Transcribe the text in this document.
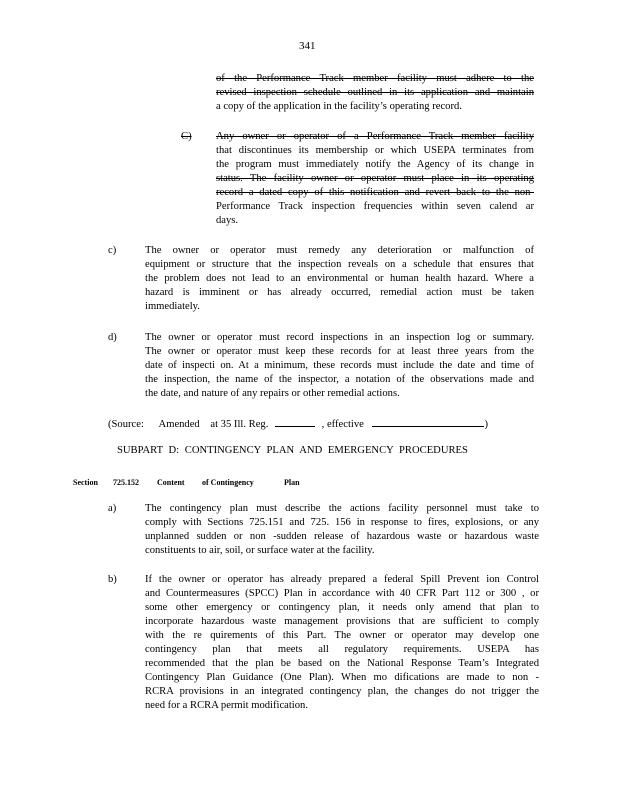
341
of the Performance Track member facility must adhere to the
revised inspection schedule outlined in its application and maintain
a copy of the application in the facility’s operating record.
C) Any owner or operator of a Performance Track member facility
that discontinues its membership or which USEPA terminates from
the program must immediately notify the Agency of its change in
status. The facility owner or operator must place in its operating
record a dated copy of this notification and revert back to the non-
Performance Track inspection frequencies within seven calend ar
days.
c)	The owner or operator must remedy any deterioration or malfunction of
equipment or structure that the inspection reveals on a schedule that ensures that
the problem does not lead to an environmental or human health hazard. Where a
hazard is imminent or has already occurred, remedial action must be taken
immediately.
d)	The owner or operator must record inspections in an inspection log or summary.
The owner or operator must keep these records for at least three years from the
date of inspecti on. At a minimum, these records must include the date and time of
the inspection, the name of the inspector, a notation of the observations made and
the date, and nature of any repairs or other remedial actions.
(Source: Amended at 35 Ill. Reg.	, effective	)
SUBPART D: CONTINGENCY PLAN AND EMERGENCY PROCEDURES
Section 725.152 Content of Contingency	Plan
a)	The contingency plan must describe the actions facility personnel must take to
comply with Sections 725.151 and 725. 156 in response to fires, explosions, or any
unplanned sudden or non -sudden release of hazardous waste or hazardous waste
constituents to air, soil, or surface water at the facility.
b)	If the owner or operator has already prepared a federal Spill Prevent ion Control
and Countermeasures (SPCC) Plan in accordance with 40 CFR Part 112 or 300 , or
some other emergency or contingency plan, it needs only amend that plan to
incorporate hazardous waste management provisions that are sufficient to comply
with the re quirements of this Part. The owner or operator may develop one
contingency plan that meets all regulatory requirements. USEPA has
recommended that the plan be based on the National Response Team’s Integrated
Contingency Plan Guidance (One Plan). When mo difications are made to non -
RCRA provisions in an integrated contingency plan, the changes do not trigger the
need for a RCRA permit modification.
